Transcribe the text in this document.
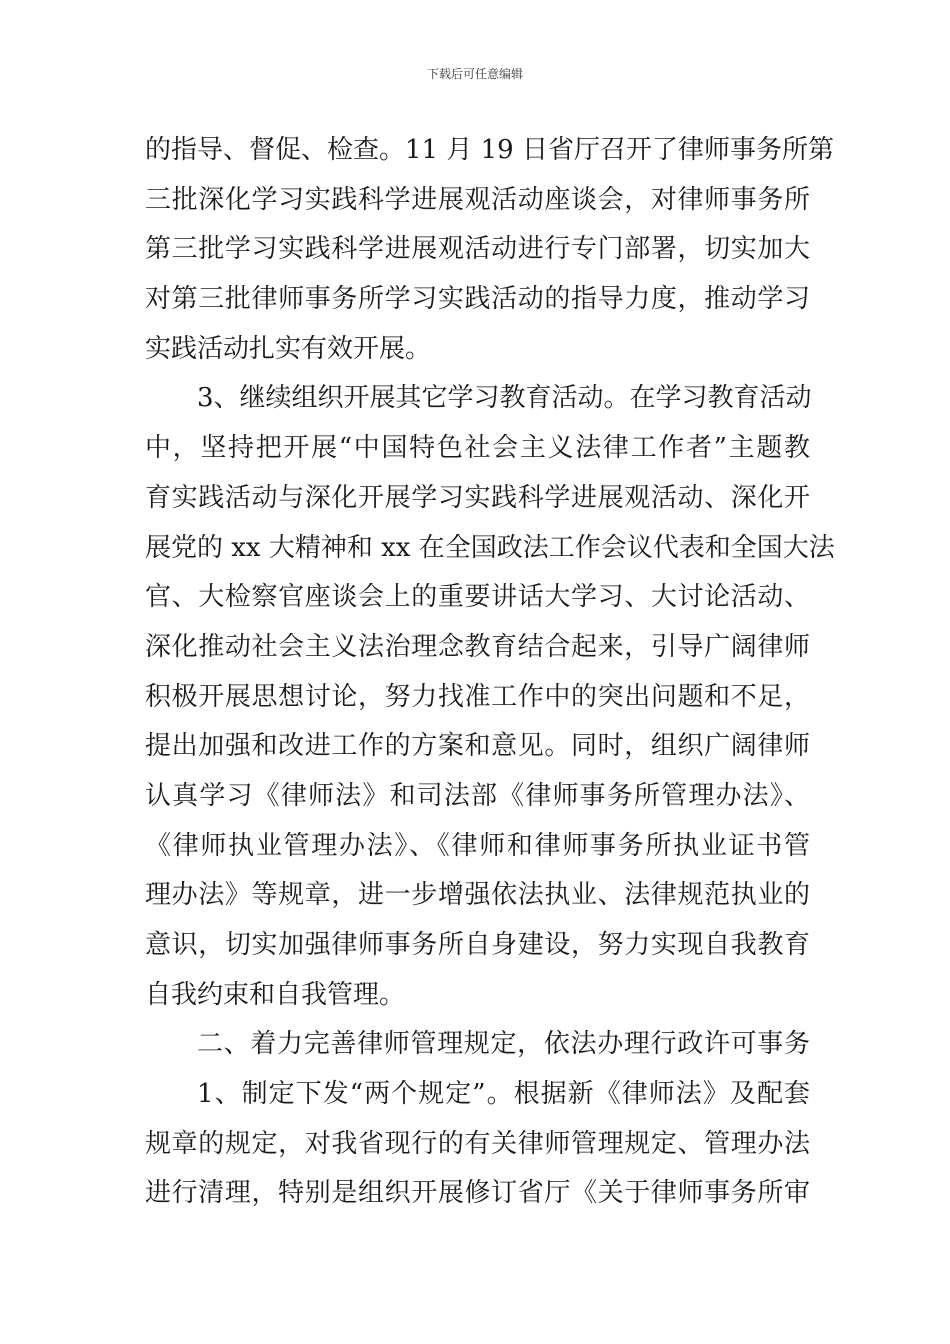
下载后可任意编辑
的指导、督促、检查。11 月 19 日省厅召开了律师事务所第
三批深化学习实践科学进展观活动座谈会，对律师事务所
第三批学习实践科学进展观活动进行专门部署，切实加大
对第三批律师事务所学习实践活动的指导力度，推动学习
实践活动扎实有效开展。
3、继续组织开展其它学习教育活动。在学习教育活动
中，坚持把开展“中国特色社会主义法律工作者”主题教
育实践活动与深化开展学习实践科学进展观活动、深化开
展党的 xx 大精神和 xx 在全国政法工作会议代表和全国大法
官、大检察官座谈会上的重要讲话大学习、大讨论活动、
深化推动社会主义法治理念教育结合起来，引导广阔律师
积极开展思想讨论，努力找准工作中的突出问题和不足，
提出加强和改进工作的方案和意见。同时，组织广阔律师
认真学习《律师法》和司法部《律师事务所管理办法》、
《律师执业管理办法》、《律师和律师事务所执业证书管
理办法》等规章，进一步增强依法执业、法律规范执业的
意识，切实加强律师事务所自身建设，努力实现自我教育
自我约束和自我管理。
二、着力完善律师管理规定，依法办理行政许可事务
1、制定下发“两个规定”。根据新《律师法》及配套
规章的规定，对我省现行的有关律师管理规定、管理办法
进行清理，特别是组织开展修订省厅《关于律师事务所审
